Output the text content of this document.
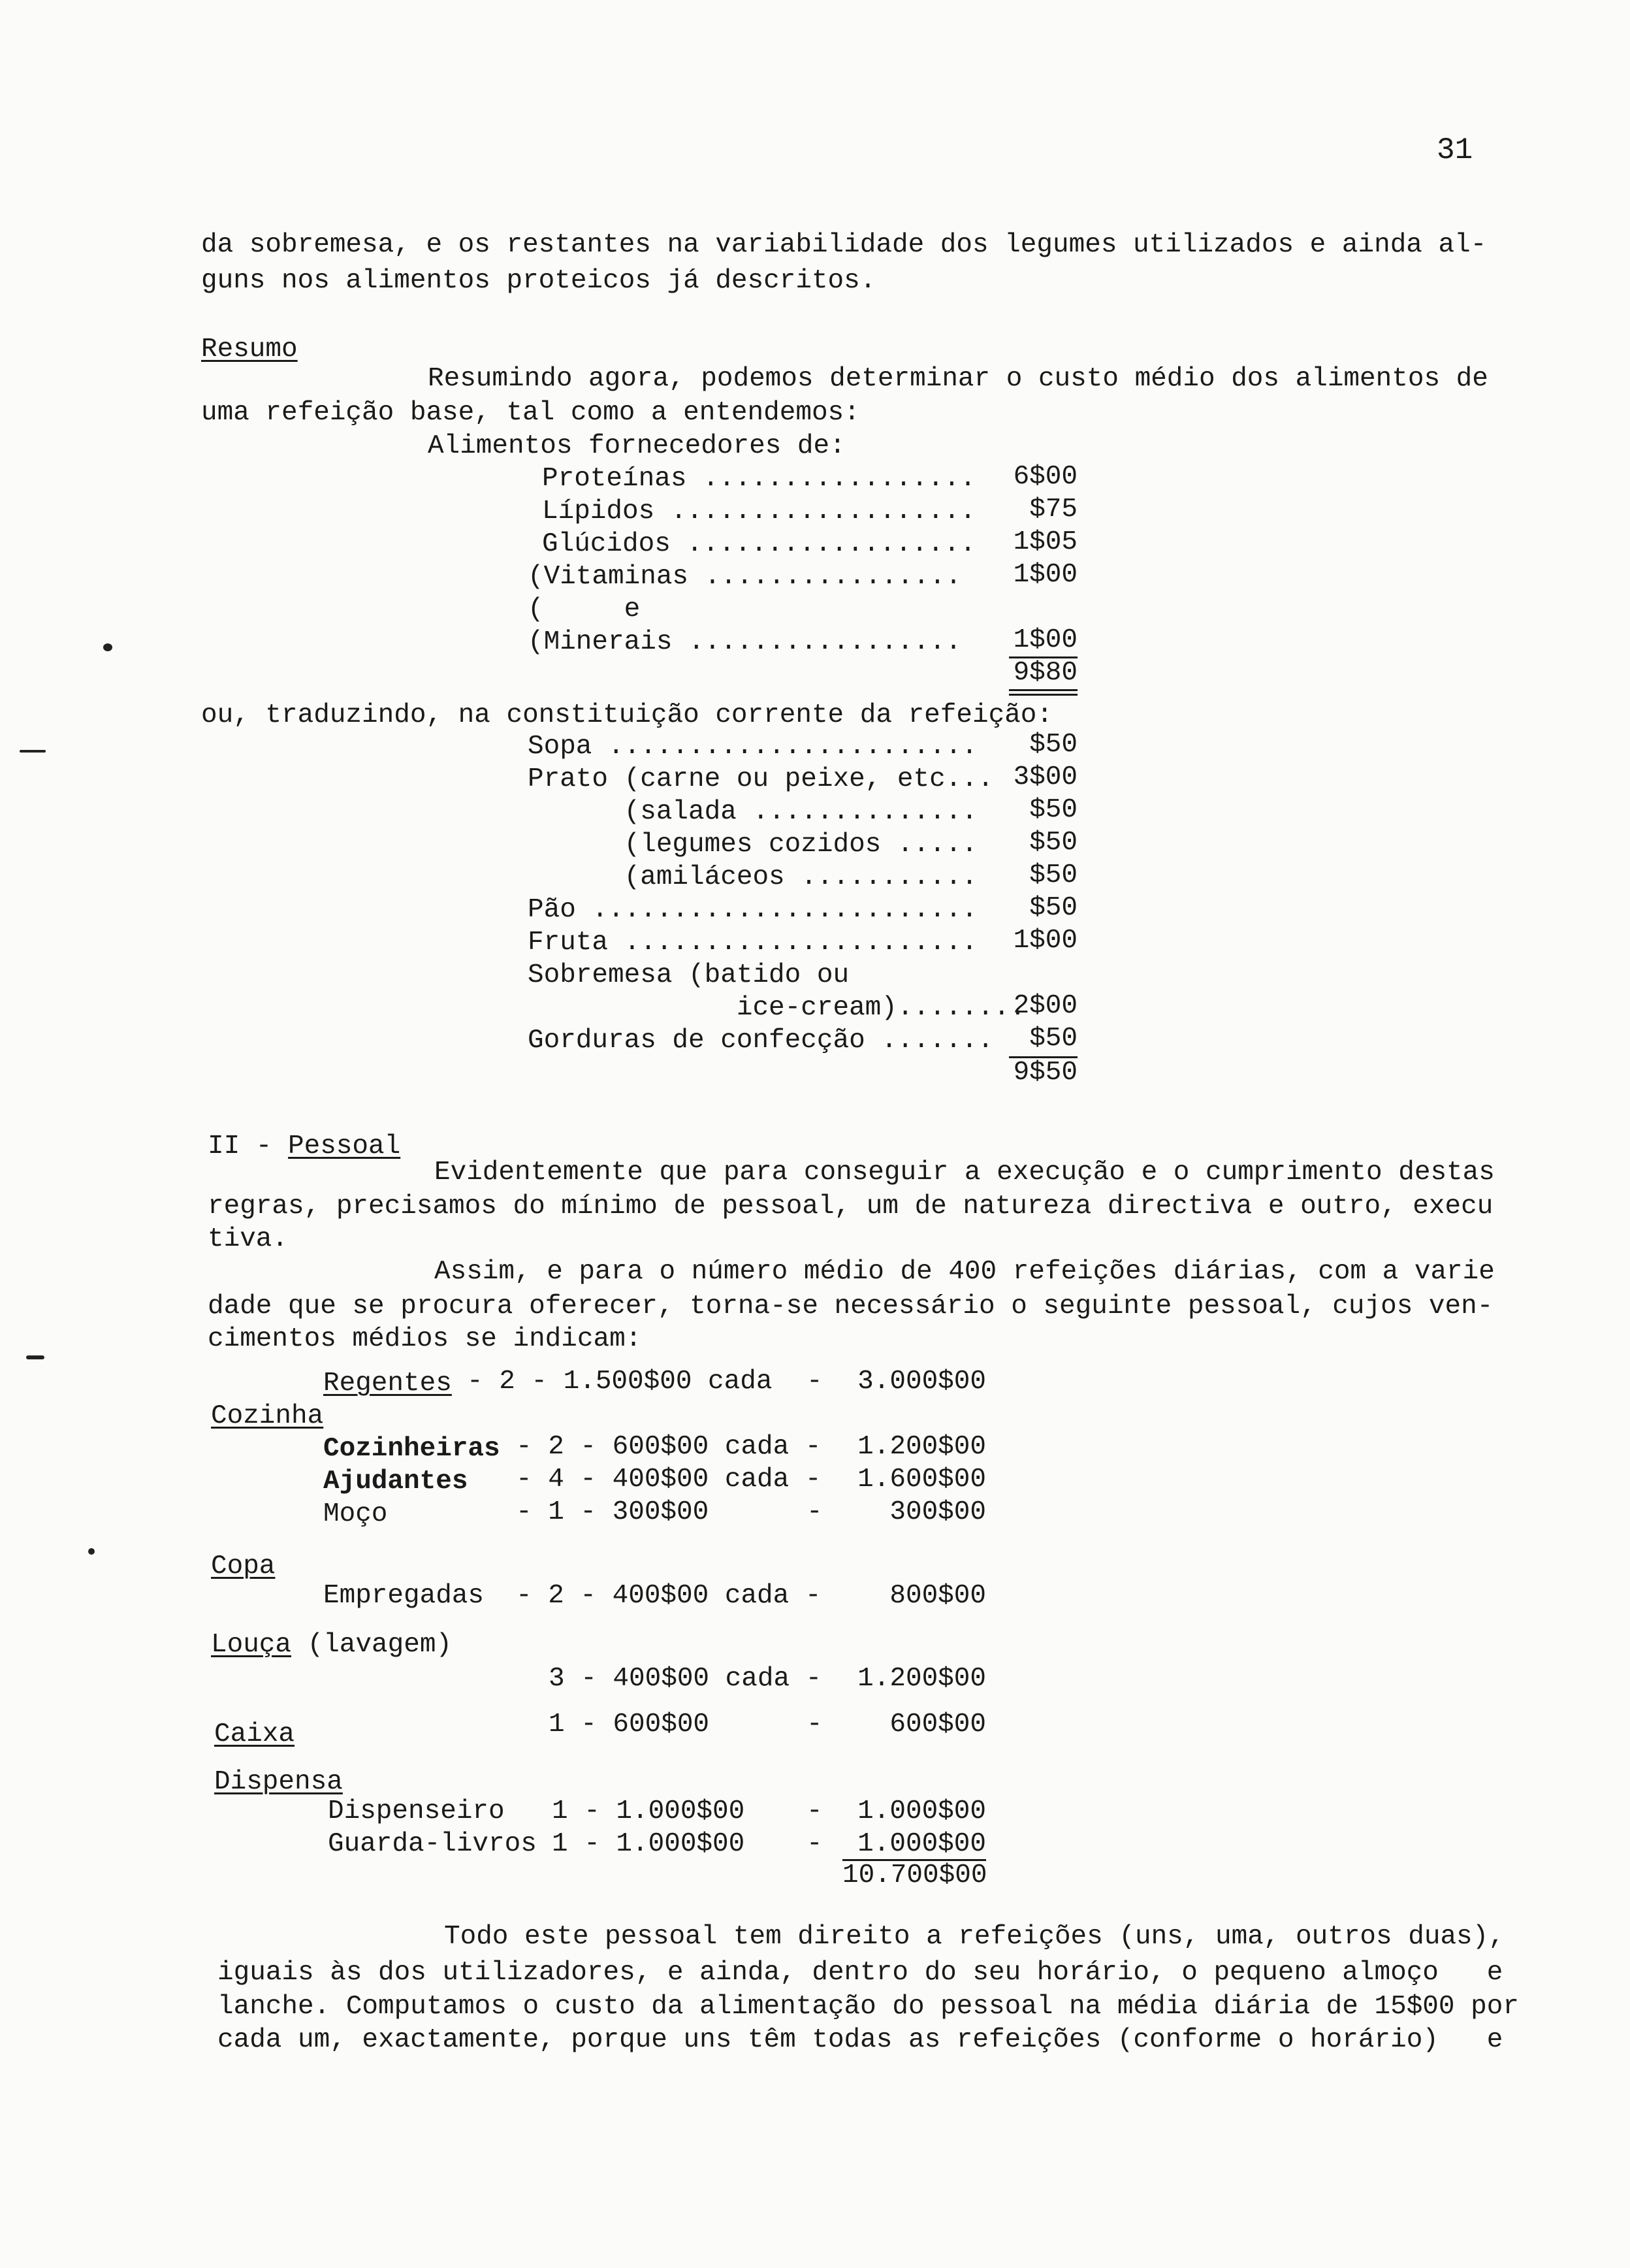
31
da sobremesa, e os restantes na variabilidade dos legumes utilizados e ainda al-
guns nos alimentos proteicos já descritos.
Resumo
Resumindo agora, podemos determinar o custo médio dos alimentos de
uma refeição base, tal como a entendemos:
Alimentos fornecedores de:
Proteínas .................	6$00
Lípidos ...................	$75
Glúcidos ..................	1$05
(Vitaminas ................	1$00
(     e
(Minerais .................	1$00
9$80
ou, traduzindo, na constituição corrente da refeição:
Sopa .......................	$50
Prato (carne ou peixe, etc... 3$00
(salada ..............	$50
(legumes cozidos .....	$50
(amiláceos ...........	$50
Pão ........................	$50
Fruta ......................	1$00
Sobremesa (batido ou
ice-cream)........
2$00
Gorduras de confecção .......	$50
9$50
II - Pessoal
Evidentemente que para conseguir a execução e o cumprimento destas
regras, precisamos do mínimo de pessoal, um de natureza directiva e outro, execu
tiva.
Assim, e para o número médio de 400 refeições diárias, com a varie
dade que se procura oferecer, torna-se necessário o seguinte pessoal, cujos ven-
cimentos médios se indicam:
Regentes - 2 - 1.500$00 cada -	3.000$00
Cozinha
Cozinheiras - 2 - 600$00 cada -	1.200$00
Ajudantes - 4 - 400$00 cada -	1.600$00
Moço	- 1 - 300$00	-	300$00
Copa
Empregadas - 2 - 400$00 cada -	800$00
Louça (lavagem)
3 - 400$00 cada -	1.200$00
Caixa	1 - 600$00	-	600$00
Dispensa
Dispenseiro 1 - 1.000$00 -	1.000$00
Guarda-livros 1 - 1.000$00 -	1.000$00
10.700$00
Todo este pessoal tem direito a refeições (uns, uma, outros duas),
iguais às dos utilizadores, e ainda, dentro do seu horário, o pequeno almoço   e
lanche. Computamos o custo da alimentação do pessoal na média diária de 15$00 por
cada um, exactamente, porque uns têm todas as refeições (conforme o horário)   e
